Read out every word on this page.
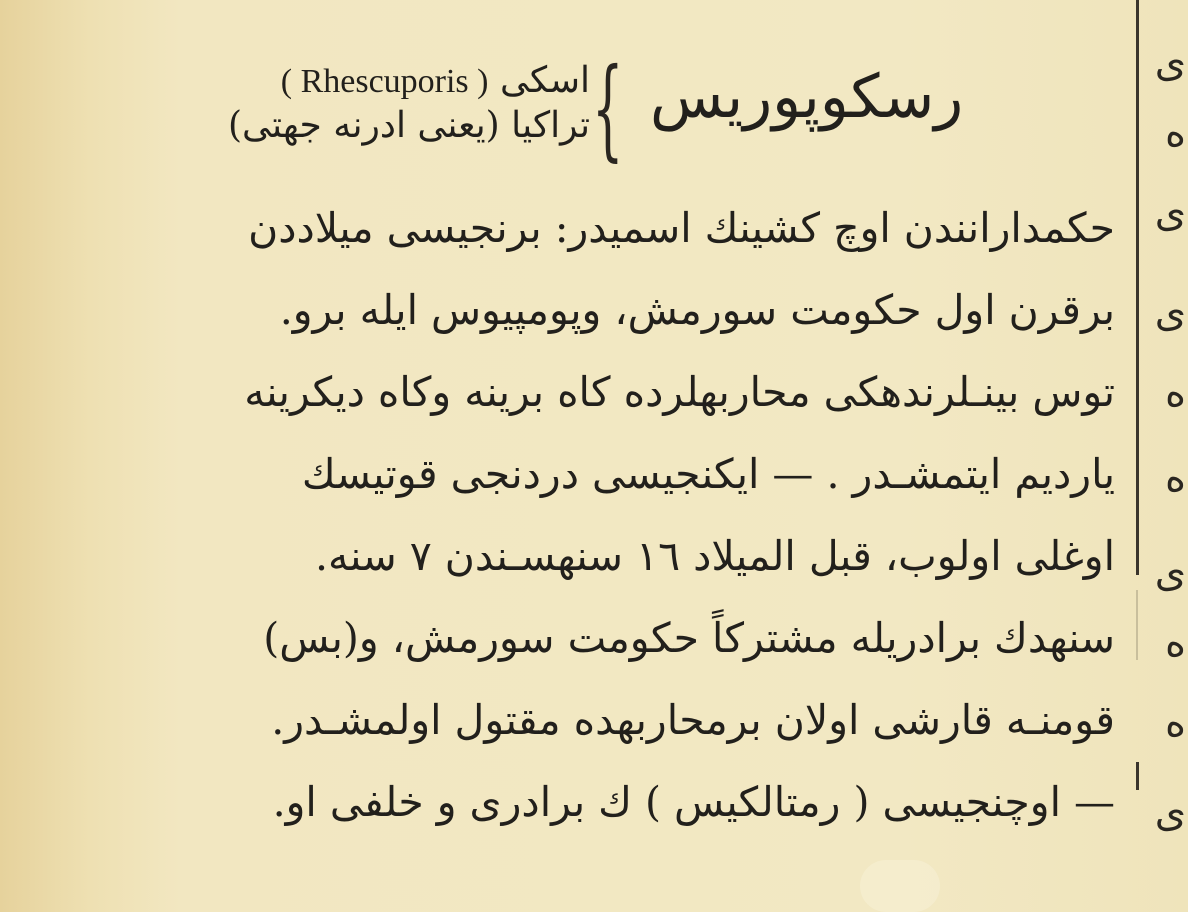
ی
ه
ی
ی
ه
ه
ی
ه
ه
ی
اسکی ( Rhescuporis )
تراکیا (یعنی ادرنه جهتی) { رسکوپوریس
حکمدارانندن اوچ کشینك اسمیدر: برنجیسی میلاددن
برقرن اول حکومت سورمش، وپومپیوس ایله برو.
توس بینـلرندهکی محاربهلرده کاه برینه وکاه دیکرینه
یاردیم ایتمشـدر . — ایکنجیسی دردنجی قوتیسك
اوغلی اولوب، قبل المیلاد ١٦ سنهسـندن ٧ سنه.
سنهدك برادریله مشترکاً حکومت سورمش، و(بس)
قومنـه قارشی اولان برمحاربهده مقتول اولمشـدر.
— اوچنجیسی ( رمتالکیس ) ك برادری و خلفی او.
